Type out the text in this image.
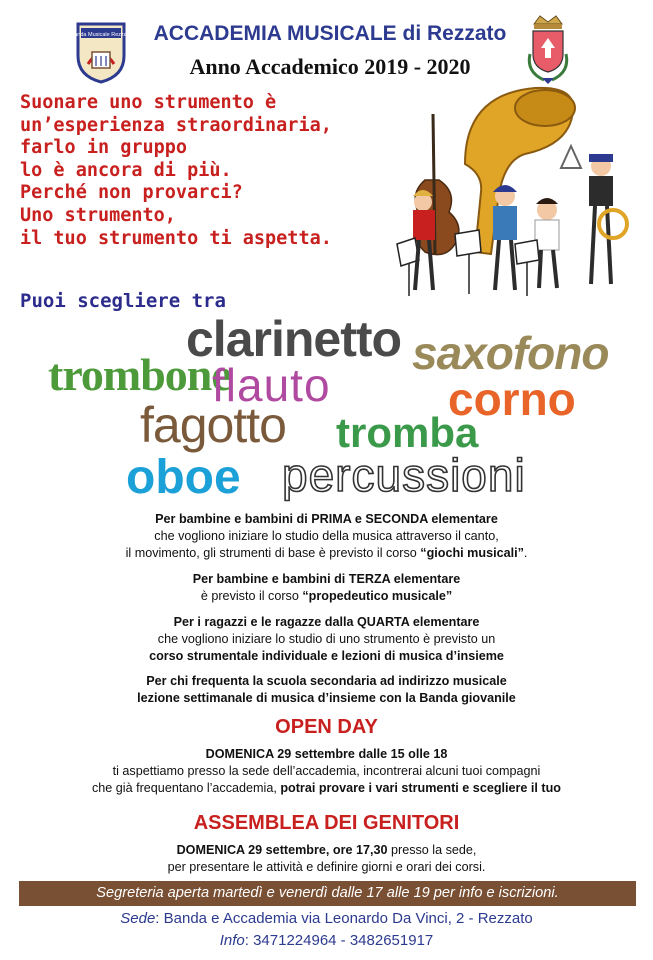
Banda Musicale Rezzato	ACCADEMIA MUSICALE di Rezzato
Anno Accademico 2019 - 2020
Suonare uno strumento è
un’esperienza straordinaria,
farlo in gruppo
lo è ancora di più.
Perché non provarci?
Uno strumento,
il tuo strumento ti aspetta.
Puoi scegliere tra
clarinetto saxofono
trombone
flauto	corno
fagotto tromba
oboe percussioni
Per bambine e bambini di PRIMA e SECONDA elementare
che vogliono iniziare lo studio della musica attraverso il canto,
il movimento, gli strumenti di base è previsto il corso “giochi musicali”.
Per bambine e bambini di TERZA elementare
è previsto il corso “propedeutico musicale”
Per i ragazzi e le ragazze dalla QUARTA elementare
che vogliono iniziare lo studio di uno strumento è previsto un
corso strumentale individuale e lezioni di musica d’insieme
Per chi frequenta la scuola secondaria ad indirizzo musicale
lezione settimanale di musica d’insieme con la Banda giovanile
OPEN DAY
DOMENICA 29 settembre dalle 15 olle 18
ti aspettiamo presso la sede dell’accademia, incontrerai alcuni tuoi compagni
che già frequentano l’accademia, potrai provare i vari strumenti e scegliere il tuo
ASSEMBLEA DEI GENITORI
DOMENICA 29 settembre, ore 17,30 presso la sede,
per presentare le attività e definire giorni e orari dei corsi.
Segreteria aperta martedì e venerdì dalle 17 alle 19 per info e iscrizioni.
Sede: Banda e Accademia via Leonardo Da Vinci, 2 - Rezzato
Info: 3471224964 - 3482651917
